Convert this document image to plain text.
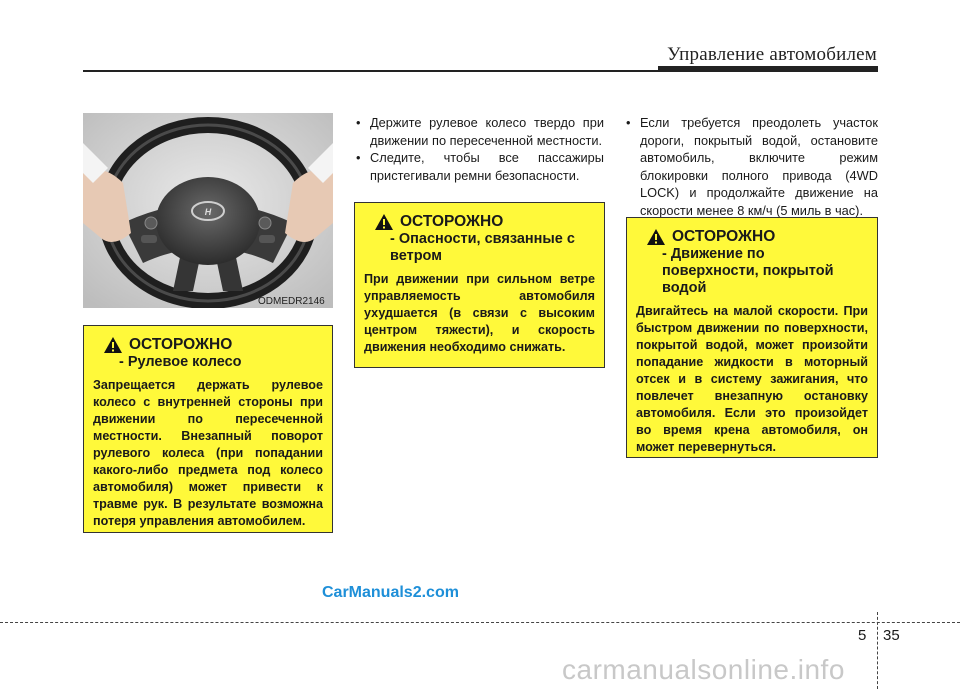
Управление автомобилем
H
ODMEDR2146
ОСТОРОЖНО
- Рулевое колесо
Запрещается держать рулевое колесо с внутренней стороны при движении по пересеченной местности. Внезапный поворот рулевого колеса (при попадании какого-либо предмета под колесо автомобиля) может привести к травме рук. В результате возможна потеря управления автомобилем.
• Держите рулевое колесо твердо при движении по пересеченной местности.
• Следите, чтобы все пассажиры пристегивали ремни безопасности.
ОСТОРОЖНО
- Опасности, связанные с ветром
При движении при сильном ветре управляемость автомобиля ухудшается (в связи с высоким центром тяжести), и скорость движения необходимо снижать.
• Если требуется преодолеть участок дороги, покрытый водой, остановите автомобиль, включите режим блокировки полного привода (4WD LOCK) и продолжайте движение на скорости менее 8 км/ч (5 миль в час).
ОСТОРОЖНО
- Движение по поверхности, покрытой водой
Двигайтесь на малой скорости. При быстром движении по поверхности, покрытой водой, может произойти попадание жидкости в моторный отсек и в систему зажигания, что повлечет внезапную остановку автомобиля. Если это произойдет во время крена автомобиля, он может перевернуться.
CarManuals2.com
5 35
carmanualsonline.info
